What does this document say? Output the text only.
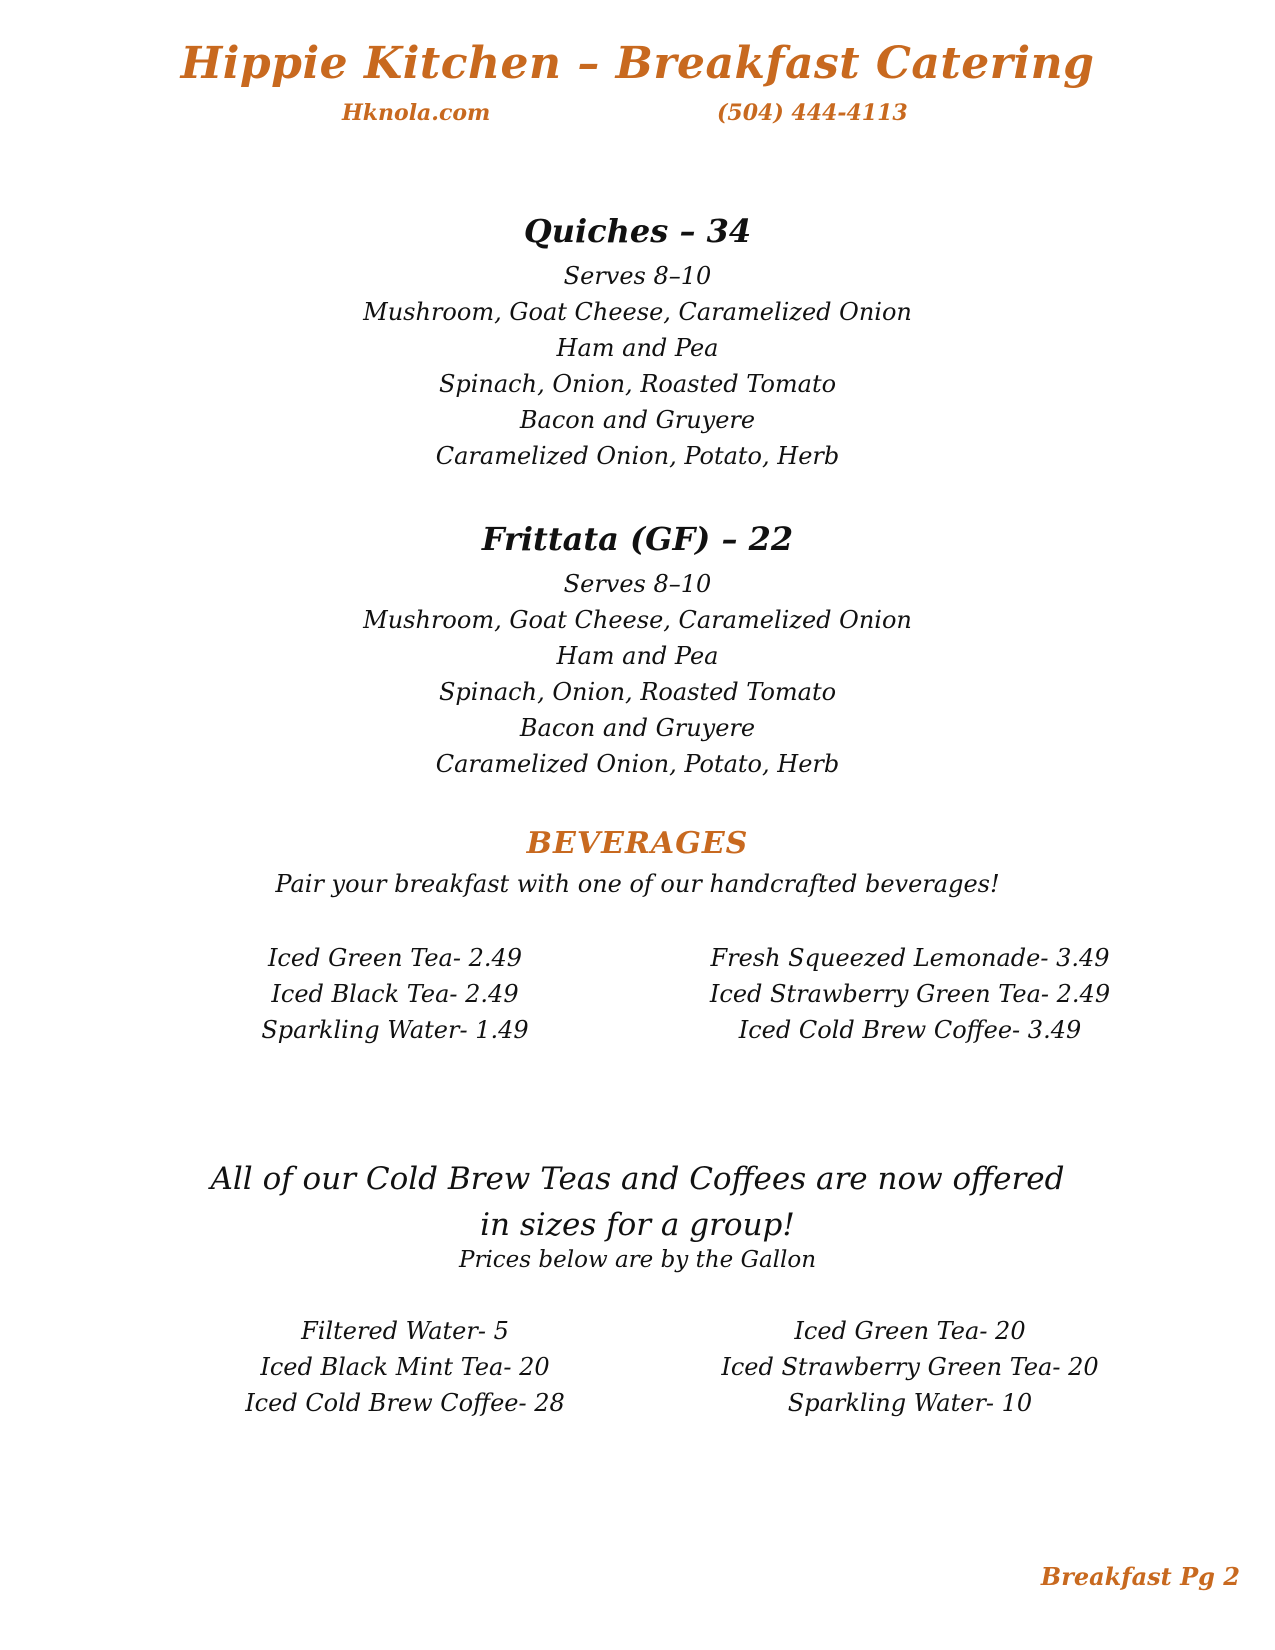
Hippie Kitchen – Breakfast Catering
Hknola.com	(504) 444-4113
Quiches – 34
Serves 8–10
Mushroom, Goat Cheese, Caramelized Onion
Ham and Pea
Spinach, Onion, Roasted Tomato
Bacon and Gruyere
Caramelized Onion, Potato, Herb
Frittata (GF) – 22
Serves 8–10
Mushroom, Goat Cheese, Caramelized Onion
Ham and Pea
Spinach, Onion, Roasted Tomato
Bacon and Gruyere
Caramelized Onion, Potato, Herb
BEVERAGES
Pair your breakfast with one of our handcrafted beverages!
Iced Green Tea- 2.49
Iced Black Tea- 2.49
Sparkling Water- 1.49
Fresh Squeezed Lemonade- 3.49
Iced Strawberry Green Tea- 2.49
Iced Cold Brew Coffee- 3.49
All of our Cold Brew Teas and Coffees are now offered
in sizes for a group!
Prices below are by the Gallon
Filtered Water- 5
Iced Black Mint Tea- 20
Iced Cold Brew Coffee- 28
Iced Green Tea- 20
Iced Strawberry Green Tea- 20
Sparkling Water- 10
Breakfast Pg 2
